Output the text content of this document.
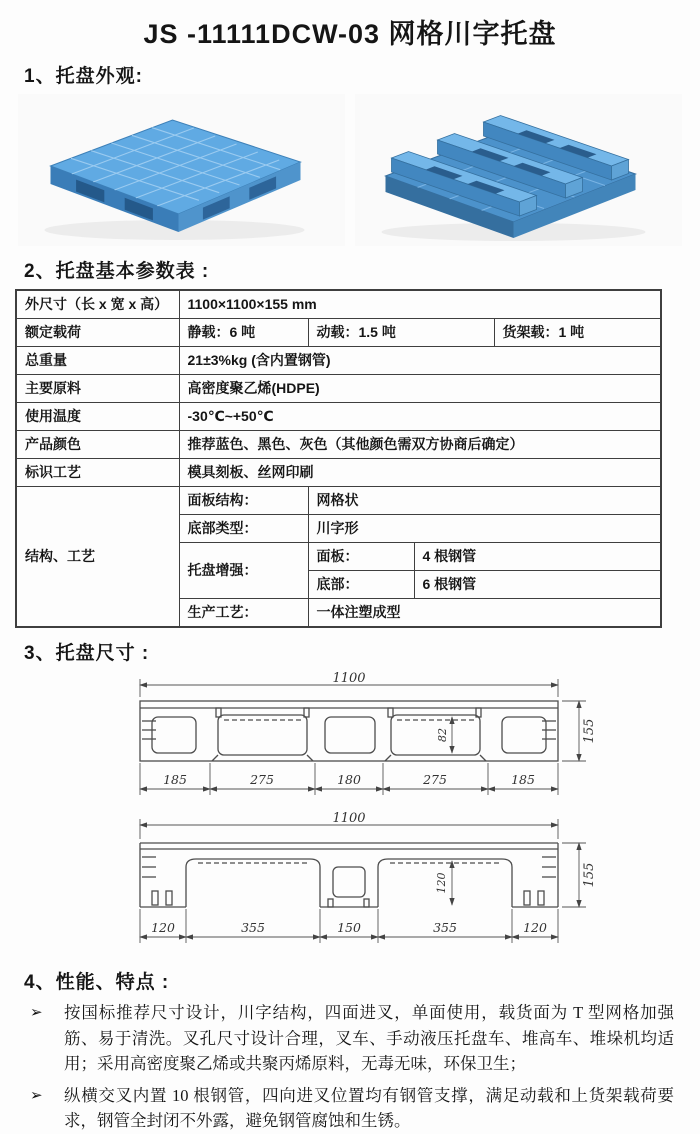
JS -11111DCW-03 网格川字托盘
1、托盘外观:
2、托盘基本参数表 :
外尺寸（长 x 宽 x 高）	1100×1100×155 mm			
额定载荷	静载：6 吨	动载：1.5 吨		货架载：1 吨
总重量	21±3%kg (含内置钢管)			
主要原料	高密度聚乙烯(HDPE)			
使用温度	-30℃~+50℃			
产品颜色	推荐蓝色、黑色、灰色（其他颜色需双方协商后确定）			
标识工艺	模具刻板、丝网印刷			
结构、工艺	面板结构：	网格状		
	底部类型：	川字形		
	托盘增强：	面板：	4 根钢管	
		底部：	6 根钢管	
	生产工艺：	一体注塑成型		
3、托盘尺寸 :
1100
155
82
185	275	180	275	185
1100
155
120
120	355	150	355	120
4、性能、特点 :
➢	按国标推荐尺寸设计，川字结构，四面进叉，单面使用，载货面为 T 型网格加强筋、易于清洗。叉孔尺寸设计合理，叉车、手动液压托盘车、堆高车、堆垛机均适用；采用高密度聚乙烯或共聚丙烯原料，无毒无味，环保卫生；

➢	纵横交叉内置 10 根钢管，四向进叉位置均有钢管支撑，满足动载和上货架载荷要求，钢管全封闭不外露，避免钢管腐蚀和生锈。
